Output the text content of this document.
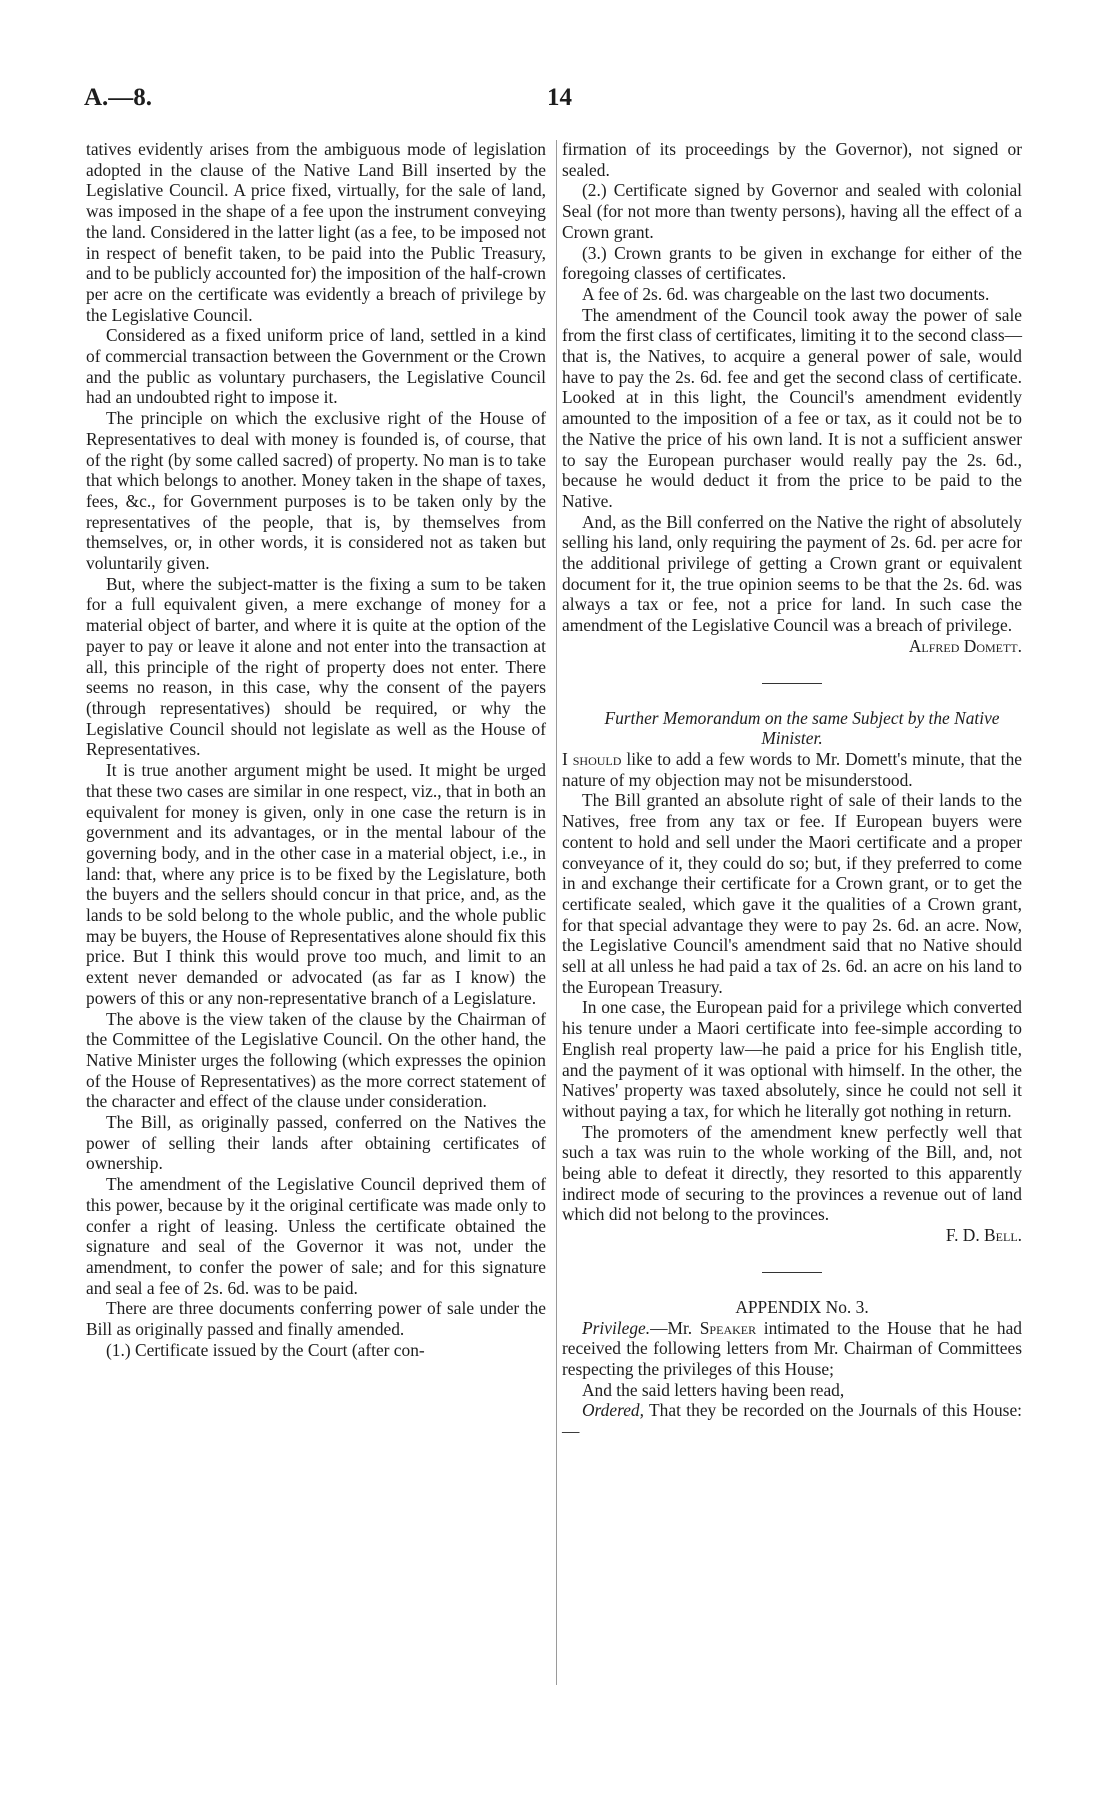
A.—8.	14

tatives evidently arises from the ambiguous mode of legislation adopted in the clause of the Native Land Bill inserted by the Legislative Council. A price fixed, virtually, for the sale of land, was imposed in the shape of a fee upon the instrument conveying the land. Considered in the latter light (as a fee, to be imposed not in respect of benefit taken, to be paid into the Public Treasury, and to be publicly accounted for) the imposition of the half-crown per acre on the certificate was evidently a breach of privilege by the Legislative Council.

Considered as a fixed uniform price of land, settled in a kind of commercial transaction between the Government or the Crown and the public as voluntary purchasers, the Legislative Council had an undoubted right to impose it.

The principle on which the exclusive right of the House of Representatives to deal with money is founded is, of course, that of the right (by some called sacred) of property. No man is to take that which belongs to another. Money taken in the shape of taxes, fees, &c., for Government purposes is to be taken only by the representatives of the people, that is, by themselves from themselves, or, in other words, it is considered not as taken but voluntarily given.

But, where the subject-matter is the fixing a sum to be taken for a full equivalent given, a mere exchange of money for a material object of barter, and where it is quite at the option of the payer to pay or leave it alone and not enter into the transaction at all, this principle of the right of property does not enter. There seems no reason, in this case, why the consent of the payers (through representatives) should be required, or why the Legislative Council should not legislate as well as the House of Representatives.

It is true another argument might be used. It might be urged that these two cases are similar in one respect, viz., that in both an equivalent for money is given, only in one case the return is in government and its advantages, or in the mental labour of the governing body, and in the other case in a material object, i.e., in land: that, where any price is to be fixed by the Legislature, both the buyers and the sellers should concur in that price, and, as the lands to be sold belong to the whole public, and the whole public may be buyers, the House of Representatives alone should fix this price. But I think this would prove too much, and limit to an extent never demanded or advocated (as far as I know) the powers of this or any non-representative branch of a Legislature.

The above is the view taken of the clause by the Chairman of the Committee of the Legislative Council. On the other hand, the Native Minister urges the following (which expresses the opinion of the House of Representatives) as the more correct statement of the character and effect of the clause under consideration.

The Bill, as originally passed, conferred on the Natives the power of selling their lands after obtaining certificates of ownership.

The amendment of the Legislative Council deprived them of this power, because by it the original certificate was made only to confer a right of leasing. Unless the certificate obtained the signature and seal of the Governor it was not, under the amendment, to confer the power of sale; and for this signature and seal a fee of 2s. 6d. was to be paid.

There are three documents conferring power of sale under the Bill as originally passed and finally amended.

(1.) Certificate issued by the Court (after con-

firmation of its proceedings by the Governor), not signed or sealed.

(2.) Certificate signed by Governor and sealed with colonial Seal (for not more than twenty persons), having all the effect of a Crown grant.

(3.) Crown grants to be given in exchange for either of the foregoing classes of certificates.

A fee of 2s. 6d. was chargeable on the last two documents.

The amendment of the Council took away the power of sale from the first class of certificates, limiting it to the second class—that is, the Natives, to acquire a general power of sale, would have to pay the 2s. 6d. fee and get the second class of certificate. Looked at in this light, the Council's amendment evidently amounted to the imposition of a fee or tax, as it could not be to the Native the price of his own land. It is not a sufficient answer to say the European purchaser would really pay the 2s. 6d., because he would deduct it from the price to be paid to the Native.

And, as the Bill conferred on the Native the right of absolutely selling his land, only requiring the payment of 2s. 6d. per acre for the additional privilege of getting a Crown grant or equivalent document for it, the true opinion seems to be that the 2s. 6d. was always a tax or fee, not a price for land. In such case the amendment of the Legislative Council was a breach of privilege.

Alfred Domett.

Further Memorandum on the same Subject by the Native Minister.

I should like to add a few words to Mr. Domett's minute, that the nature of my objection may not be misunderstood.

The Bill granted an absolute right of sale of their lands to the Natives, free from any tax or fee. If European buyers were content to hold and sell under the Maori certificate and a proper conveyance of it, they could do so; but, if they preferred to come in and exchange their certificate for a Crown grant, or to get the certificate sealed, which gave it the qualities of a Crown grant, for that special advantage they were to pay 2s. 6d. an acre. Now, the Legislative Council's amendment said that no Native should sell at all unless he had paid a tax of 2s. 6d. an acre on his land to the European Treasury.

In one case, the European paid for a privilege which converted his tenure under a Maori certificate into fee-simple according to English real property law—he paid a price for his English title, and the payment of it was optional with himself. In the other, the Natives' property was taxed absolutely, since he could not sell it without paying a tax, for which he literally got nothing in return.

The promoters of the amendment knew perfectly well that such a tax was ruin to the whole working of the Bill, and, not being able to defeat it directly, they resorted to this apparently indirect mode of securing to the provinces a revenue out of land which did not belong to the provinces.

F. D. Bell.

APPENDIX No. 3.

Privilege.—Mr. Speaker intimated to the House that he had received the following letters from Mr. Chairman of Committees respecting the privileges of this House;

And the said letters having been read,

Ordered, That they be recorded on the Journals of this House:—
